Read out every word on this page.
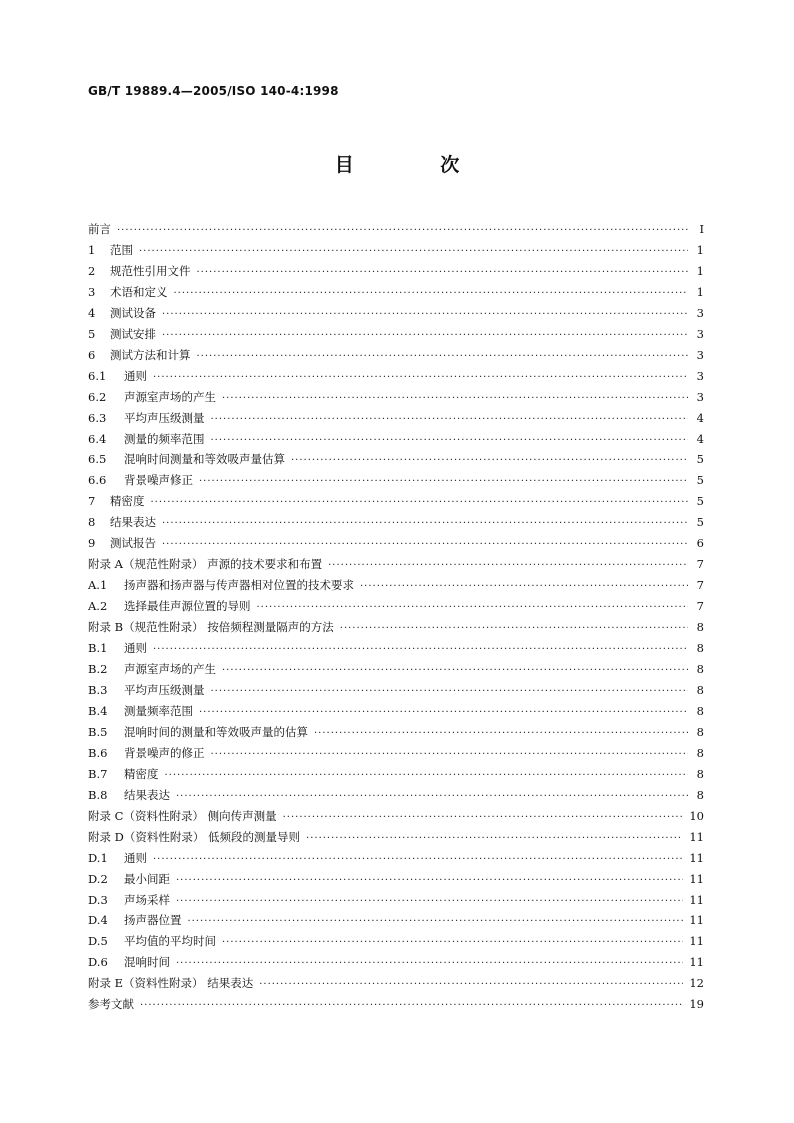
GB/T 19889.4—2005/ISO 140-4:1998
目 次
前言 ·····	I
1	范围 ·····	1
2	规范性引用文件 ·····	1
3	术语和定义 ·····	1
4	测试设备 ·····	3
5	测试安排 ·····	3
6	测试方法和计算 ·····	3
6.1	通则 ·····	3
6.2	声源室声场的产生 ·····	3
6.3	平均声压级测量 ·····	4
6.4	测量的频率范围 ·····	4
6.5	混响时间测量和等效吸声量估算 ·····	5
6.6	背景噪声修正 ·····	5
7	精密度 ·····	5
8	结果表达 ·····	5
9	测试报告 ·····	6
附录 A（规范性附录） 声源的技术要求和布置 ·····	7
A.1	扬声器和扬声器与传声器相对位置的技术要求 ·····	7
A.2	选择最佳声源位置的导则 ·····	7
附录 B（规范性附录） 按倍频程测量隔声的方法 ·····	8
B.1	通则 ·····	8
B.2	声源室声场的产生 ·····	8
B.3	平均声压级测量 ·····	8
B.4	测量频率范围 ·····	8
B.5	混响时间的测量和等效吸声量的估算 ·····	8
B.6	背景噪声的修正 ·····	8
B.7	精密度 ·····	8
B.8	结果表达 ·····	8
附录 C（资料性附录） 侧向传声测量 ·····	10
附录 D（资料性附录） 低频段的测量导则 ·····	11
D.1	通则 ·····	11
D.2	最小间距 ·····	11
D.3	声场采样 ·····	11
D.4	扬声器位置 ·····	11
D.5	平均值的平均时间 ·····	11
D.6	混响时间 ·····	11
附录 E（资料性附录） 结果表达 ·····	12
参考文献 ·····	19
